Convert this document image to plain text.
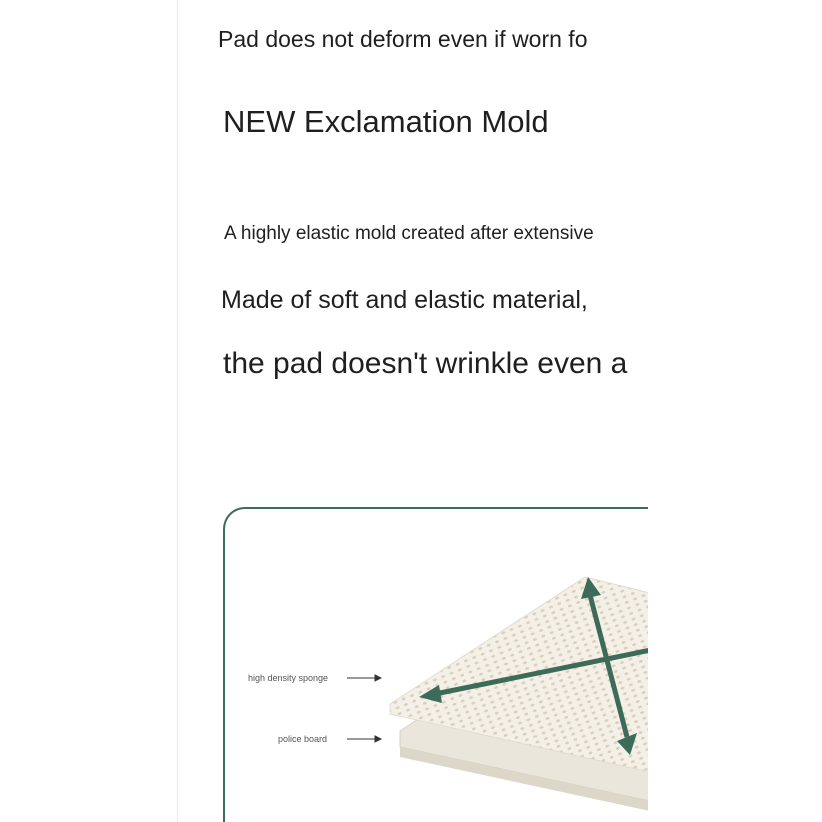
Pad does not deform even if worn fo
NEW Exclamation Mold
A highly elastic mold created after extensive
Made of soft and elastic material,
the pad doesn't wrinkle even a
high density sponge
police board
